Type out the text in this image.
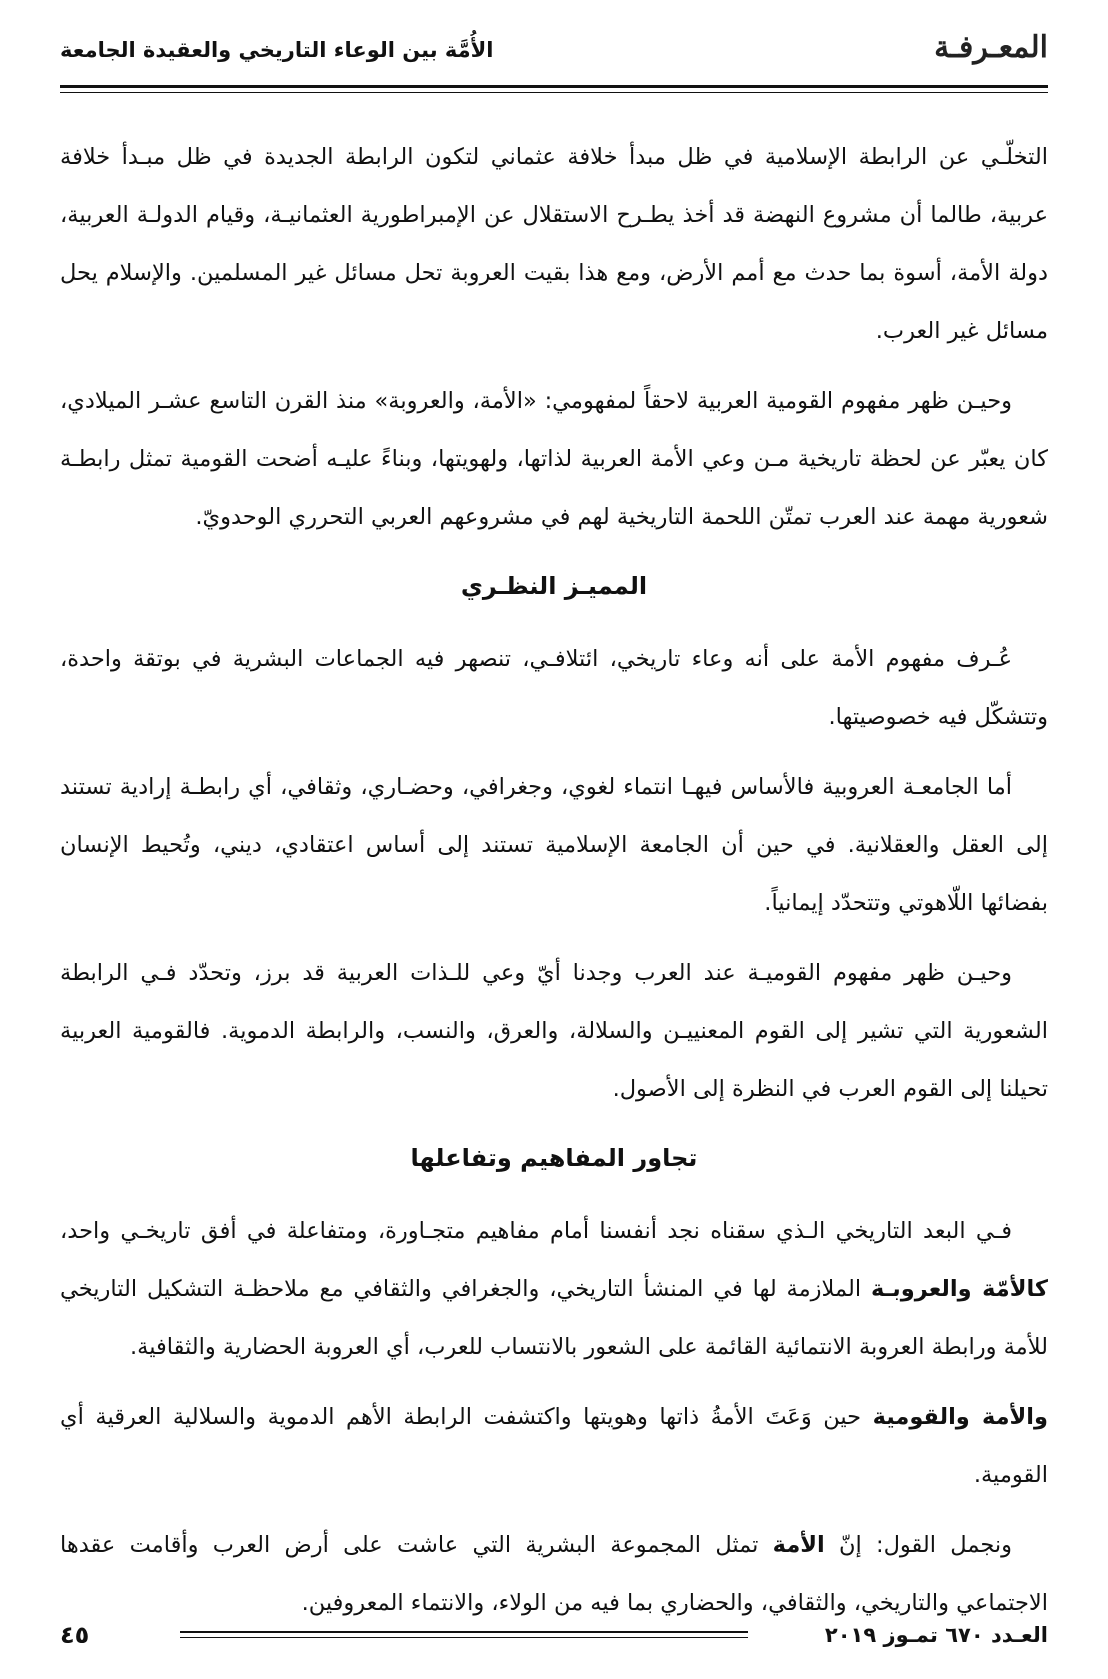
المعـرفـة
الأُمَّة بين الوعاء التاريخي والعقيدة الجامعة

التخلّـي عن الرابطة الإسلامية في ظل مبدأ خلافة عثماني لتكون الرابطة الجديدة في ظل مبـدأ خلافة عربية، طالما أن مشروع النهضة قد أخذ يطـرح الاستقلال عن الإمبراطورية العثمانيـة، وقيام الدولـة العربية، دولة الأمة، أسوة بما حدث مع أمم الأرض، ومع هذا بقيت العروبة تحل مسائل غير المسلمين. والإسلام يحل مسائل غير العرب.

وحيـن ظهر مفهوم القومية العربية لاحقاً لمفهومي: «الأمة، والعروبة» منذ القرن التاسع عشـر الميلادي، كان يعبّر عن لحظة تاريخية مـن وعي الأمة العربية لذاتها، ولهويتها، وبناءً عليـه أضحت القومية تمثل رابطـة شعورية مهمة عند العرب تمتّن اللحمة التاريخية لهم في مشروعهم العربي التحرري الوحدويّ.

المميـز النظـري

عُـرف مفهوم الأمة على أنه وعاء تاريخي، ائتلافـي، تنصهر فيه الجماعات البشرية في بوتقة واحدة، وتتشكّل فيه خصوصيتها.

أما الجامعـة العروبية فالأساس فيهـا انتماء لغوي، وجغرافي، وحضـاري، وثقافي، أي رابطـة إرادية تستند إلى العقل والعقلانية. في حين أن الجامعة الإسلامية تستند إلى أساس اعتقادي، ديني، وتُحيط الإنسان بفضائها اللّاهوتي وتتحدّد إيمانياً.

وحيـن ظهر مفهوم القوميـة عند العرب وجدنا أيّ وعي للـذات العربية قد برز، وتحدّد فـي الرابطة الشعورية التي تشير إلى القوم المعنييـن والسلالة، والعرق، والنسب، والرابطة الدموية. فالقومية العربية تحيلنا إلى القوم العرب في النظرة إلى الأصول.

تجاور المفاهيم وتفاعلها

فـي البعد التاريخي الـذي سقناه نجد أنفسنا أمام مفاهيم متجـاورة، ومتفاعلة في أفق تاريخـي واحد، كالأمّة والعروبـة الملازمة لها في المنشأ التاريخي، والجغرافي والثقافي مع ملاحظـة التشكيل التاريخي للأمة ورابطة العروبة الانتمائية القائمة على الشعور بالانتساب للعرب، أي العروبة الحضارية والثقافية.

والأمة والقومية حين وَعَتَ الأمةُ ذاتها وهويتها واكتشفت الرابطة الأهم الدموية والسلالية العرقية أي القومية.

ونجمل القول: إنّ الأمة تمثل المجموعة البشرية التي عاشت على أرض العرب وأقامت عقدها الاجتماعي والتاريخي، والثقافي، والحضاري بما فيه من الولاء، والانتماء المعروفين.

العـدد ٦٧٠ تمـوز ٢٠١٩
٤٥
